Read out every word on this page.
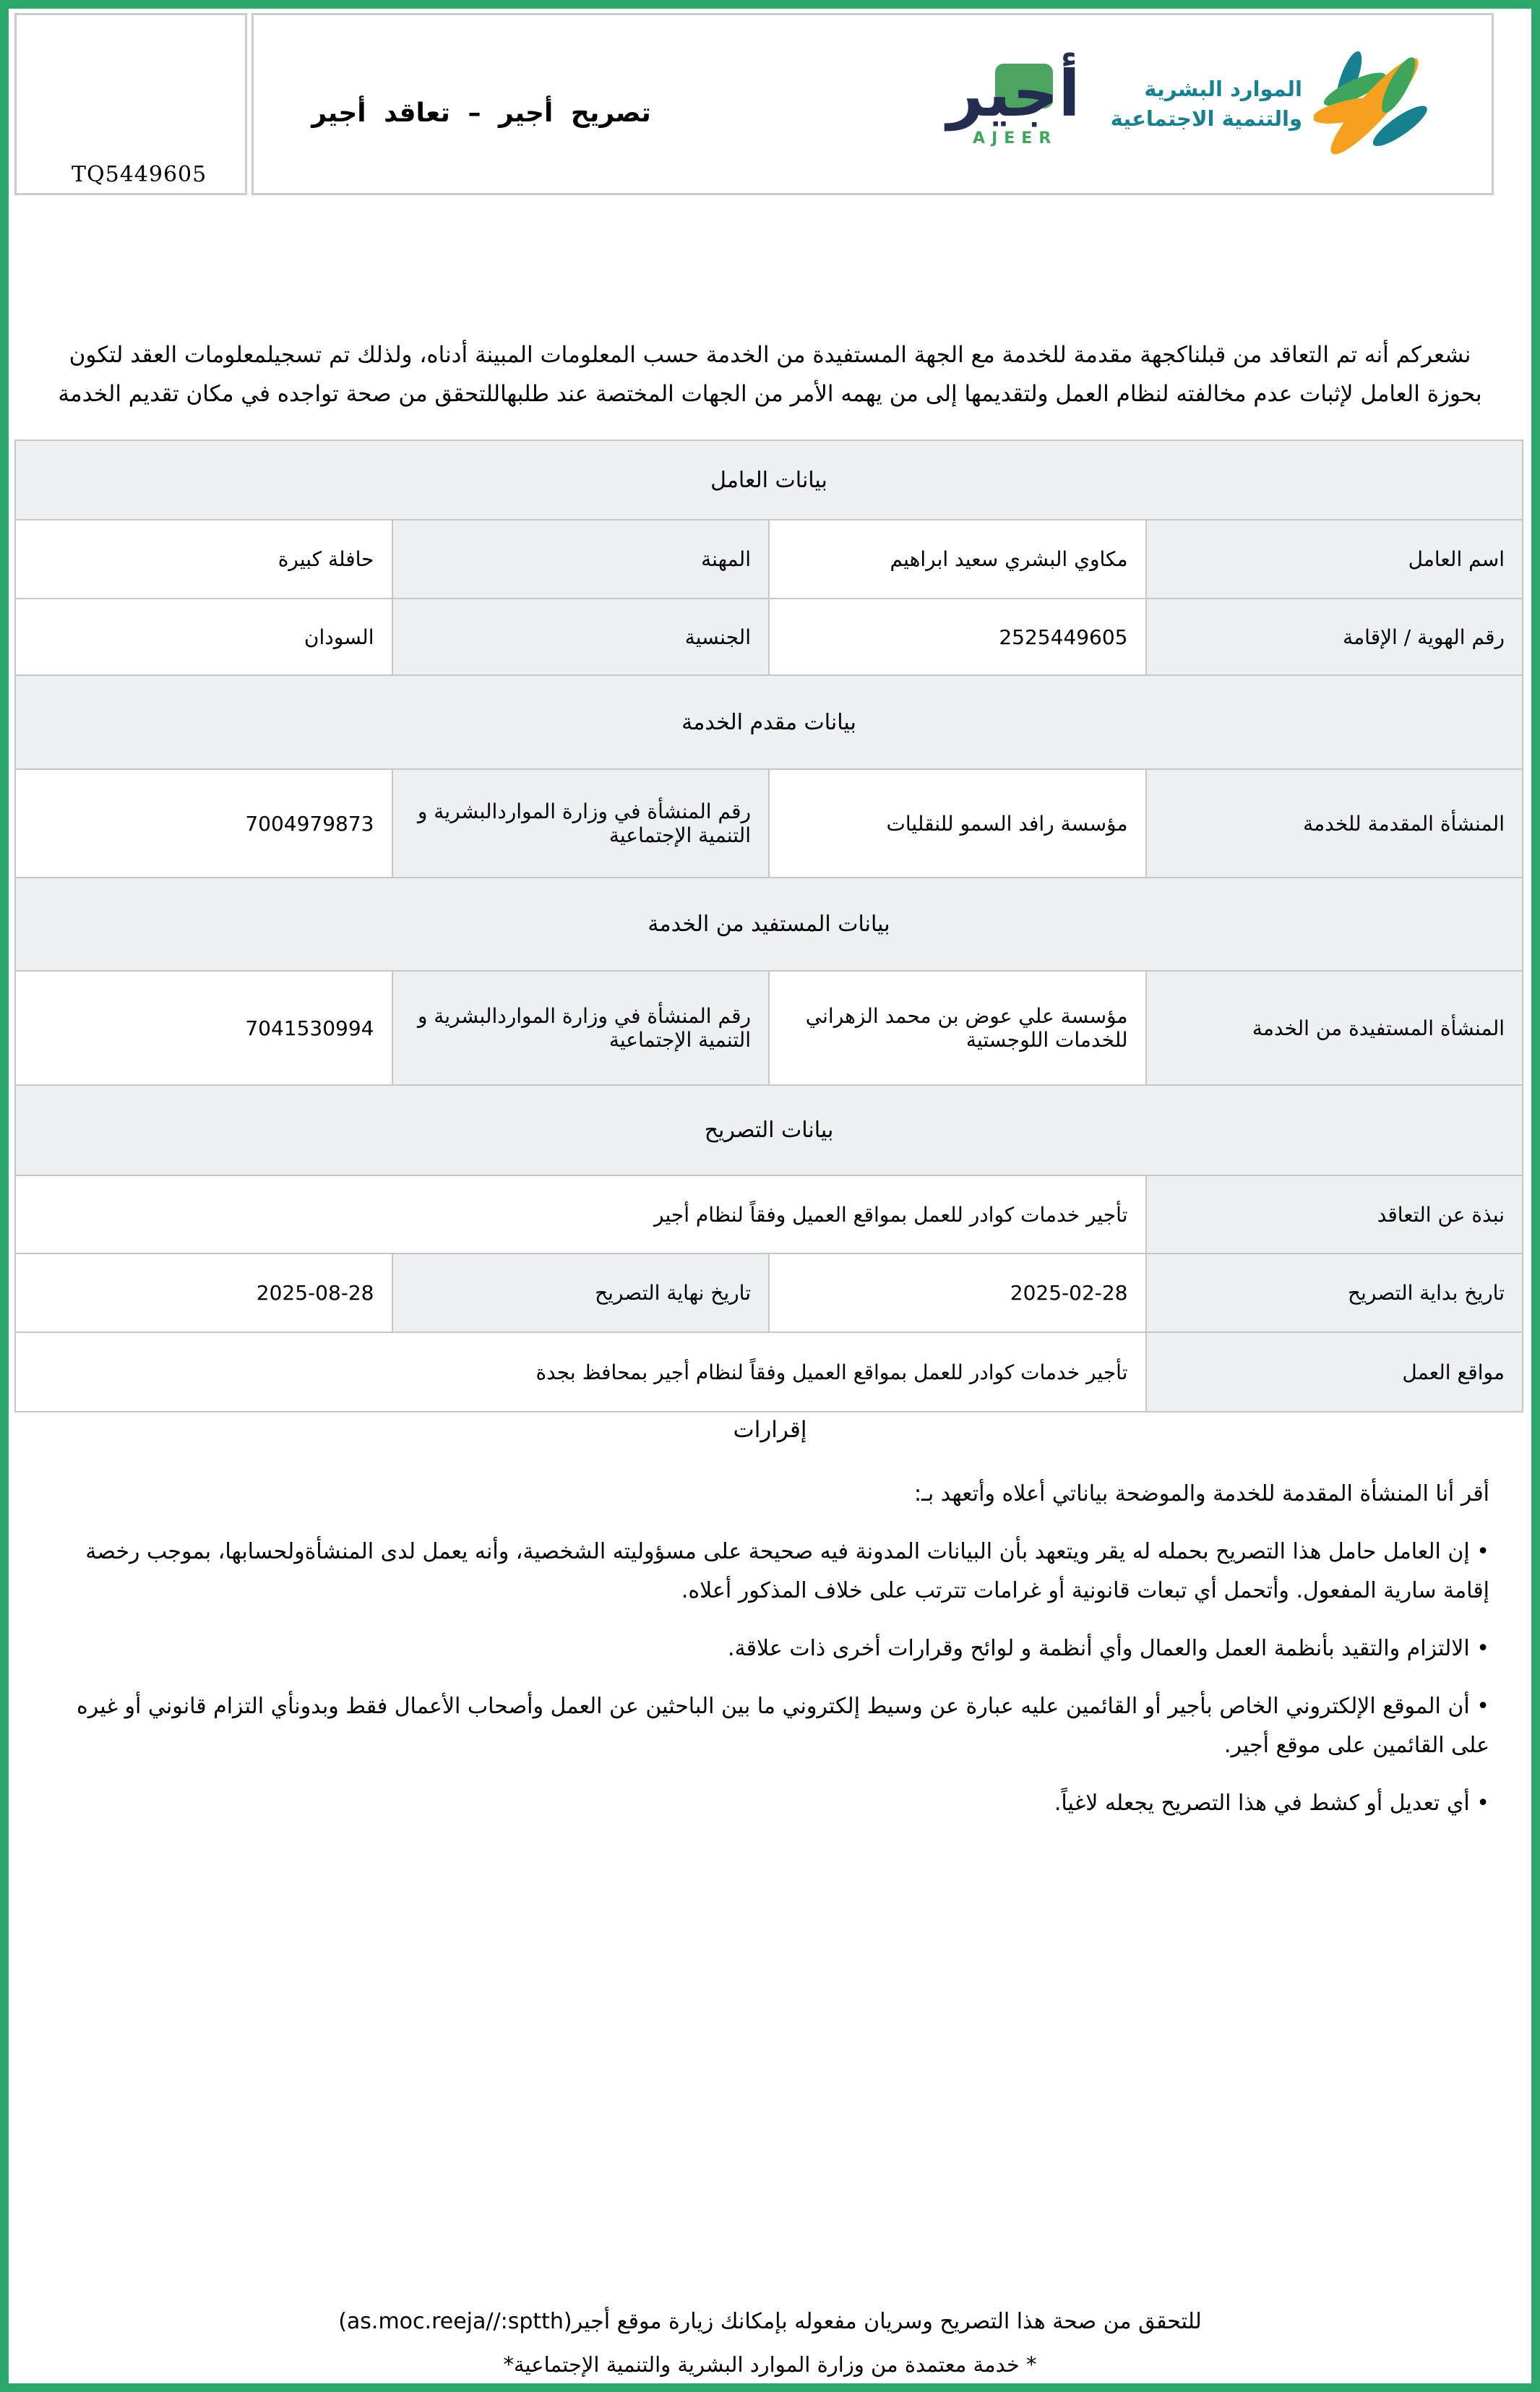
TQ5449605
تصريح أجير – تعاقد أجير	أجير
AJEER
الموارد البشرية
والتنمية الاجتماعية
نشعركم أنه تم التعاقد من قبلناكجهة مقدمة للخدمة مع الجهة المستفيدة من الخدمة حسب المعلومات المبينة أدناه، ولذلك تم تسجيلمعلومات العقد لتكون بحوزة العامل لإثبات عدم مخالفته لنظام العمل ولتقديمها إلى من يهمه الأمر من الجهات المختصة عند طلبهاللتحقق من صحة تواجده في مكان تقديم الخدمة
بيانات العامل			
اسم العامل	مكاوي البشري سعيد ابراهيم	المهنة	حافلة كبيرة
رقم الهوية / الإقامة	2525449605	الجنسية	السودان
بيانات مقدم الخدمة			
المنشأة المقدمة للخدمة	مؤسسة رافد السمو للنقليات	رقم المنشأة في وزارة المواردالبشرية و التنمية الإجتماعية	7004979873
بيانات المستفيد من الخدمة			
المنشأة المستفيدة من الخدمة	مؤسسة علي عوض بن محمد الزهراني للخدمات اللوجستية	رقم المنشأة في وزارة المواردالبشرية و التنمية الإجتماعية	7041530994
بيانات التصريح			
نبذة عن التعاقد	تأجير خدمات كوادر للعمل بمواقع العميل وفقاً لنظام أجير		
تاريخ بداية التصريح	2025-02-28	تاريخ نهاية التصريح	2025-08-28
مواقع العمل	تأجير خدمات كوادر للعمل بمواقع العميل وفقاً لنظام أجير بمحافظ بجدة		
إقرارات

أقر أنا المنشأة المقدمة للخدمة والموضحة بياناتي أعلاه وأتعهد بـ:

• إن العامل حامل هذا التصريح بحمله له يقر ويتعهد بأن البيانات المدونة فيه صحيحة على مسؤوليته الشخصية، وأنه يعمل لدى المنشأةولحسابها، بموجب رخصة إقامة سارية المفعول. وأتحمل أي تبعات قانونية أو غرامات تترتب على خلاف المذكور أعلاه.
• الالتزام والتقيد بأنظمة العمل والعمال وأي أنظمة و لوائح وقرارات أخرى ذات علاقة.
• أن الموقع الإلكتروني الخاص بأجير أو القائمين عليه عبارة عن وسيط إلكتروني ما بين الباحثين عن العمل وأصحاب الأعمال فقط وبدونأي التزام قانوني أو غيره على القائمين على موقع أجير.
• أي تعديل أو كشط في هذا التصريح يجعله لاغياً.
للتحقق من صحة هذا التصريح وسريان مفعوله بإمكانك زيارة موقع أجير(as.moc.reeja//:sptth)
* خدمة معتمدة من وزارة الموارد البشرية والتنمية الإجتماعية*
